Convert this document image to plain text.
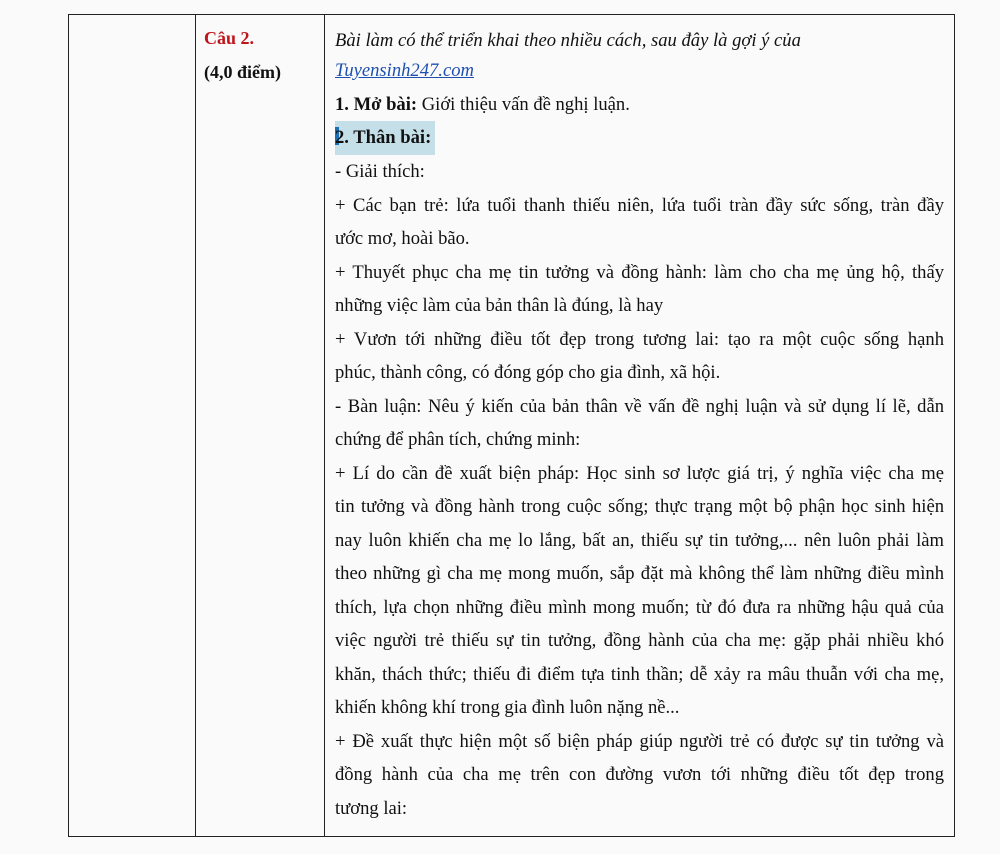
Câu 2.
(4,0 điểm)
Bài làm có thể triển khai theo nhiều cách, sau đây là gợi ý của
Tuyensinh247.com
1. Mở bài: Giới thiệu vấn đề nghị luận.
2. Thân bài:
- Giải thích:
+ Các bạn trẻ: lứa tuổi thanh thiếu niên, lứa tuổi tràn đầy sức sống, tràn đầy
ước mơ, hoài bão.
+ Thuyết phục cha mẹ tin tưởng và đồng hành: làm cho cha mẹ ủng hộ, thấy
những việc làm của bản thân là đúng, là hay
+ Vươn tới những điều tốt đẹp trong tương lai: tạo ra một cuộc sống hạnh
phúc, thành công, có đóng góp cho gia đình, xã hội.
- Bàn luận: Nêu ý kiến của bản thân về vấn đề nghị luận và sử dụng lí lẽ, dẫn
chứng để phân tích, chứng minh:
+ Lí do cần đề xuất biện pháp: Học sinh sơ lược giá trị, ý nghĩa việc cha mẹ
tin tưởng và đồng hành trong cuộc sống; thực trạng một bộ phận học sinh hiện
nay luôn khiến cha mẹ lo lắng, bất an, thiếu sự tin tưởng,... nên luôn phải làm
theo những gì cha mẹ mong muốn, sắp đặt mà không thể làm những điều mình
thích, lựa chọn những điều mình mong muốn; từ đó đưa ra những hậu quả của
việc người trẻ thiếu sự tin tưởng, đồng hành của cha mẹ: gặp phải nhiều khó
khăn, thách thức; thiếu đi điểm tựa tinh thần; dễ xảy ra mâu thuẫn với cha mẹ,
khiến không khí trong gia đình luôn nặng nề...
+ Đề xuất thực hiện một số biện pháp giúp người trẻ có được sự tin tưởng và
đồng hành của cha mẹ trên con đường vươn tới những điều tốt đẹp trong
tương lai:
